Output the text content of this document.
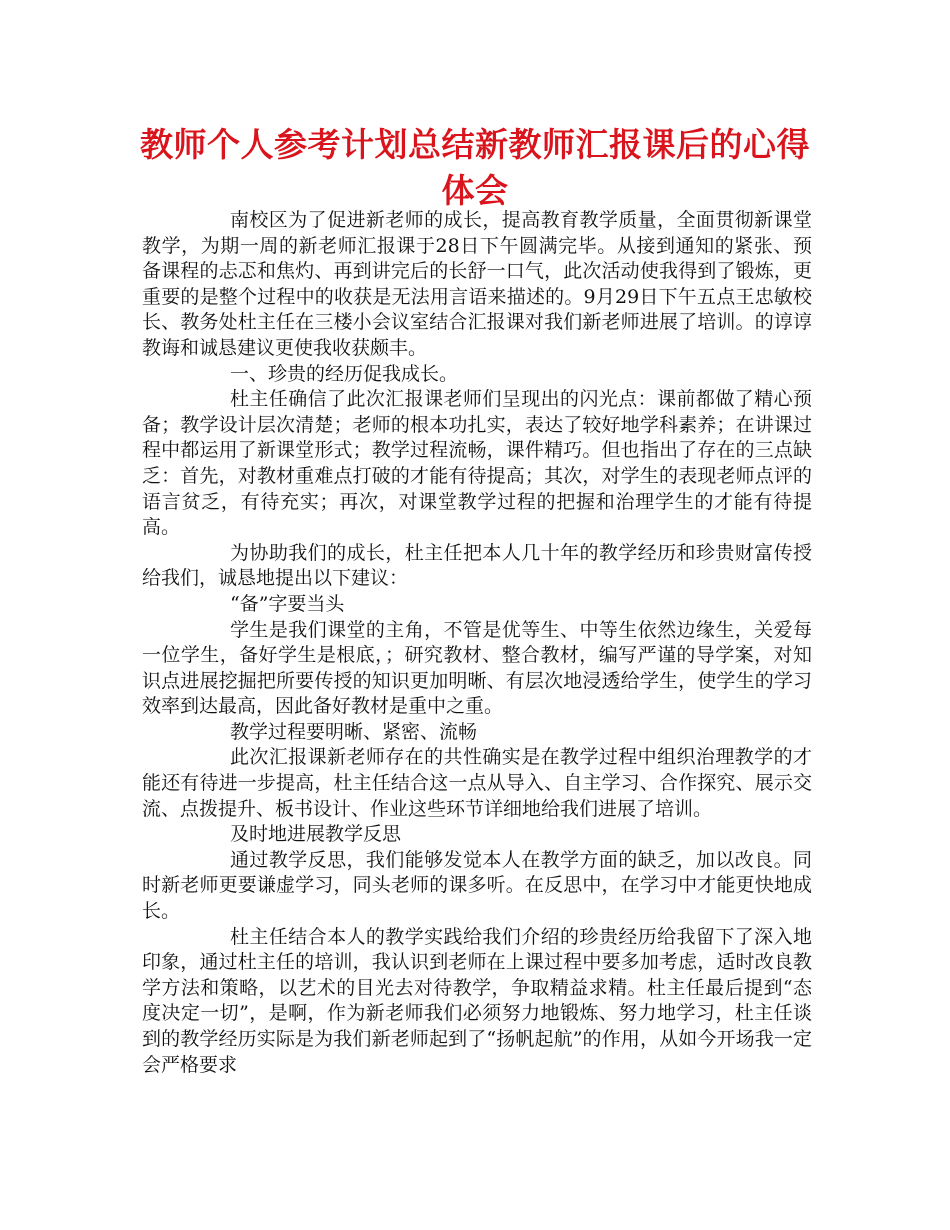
教师个人参考计划总结新教师汇报课后的心得体会

南校区为了促进新老师的成长，提高教育教学质量，全面贯彻新课堂教学，为期一周的新老师汇报课于28日下午圆满完毕。从接到通知的紧张、预备课程的忐忑和焦灼、再到讲完后的长舒一口气，此次活动使我得到了锻炼，更重要的是整个过程中的收获是无法用言语来描述的。9月29日下午五点王忠敏校长、教务处杜主任在三楼小会议室结合汇报课对我们新老师进展了培训。的谆谆教诲和诚恳建议更使我收获颇丰。

一、珍贵的经历促我成长。

杜主任确信了此次汇报课老师们呈现出的闪光点：课前都做了精心预备；教学设计层次清楚；老师的根本功扎实，表达了较好地学科素养；在讲课过程中都运用了新课堂形式；教学过程流畅，课件精巧。但也指出了存在的三点缺乏：首先，对教材重难点打破的才能有待提高；其次，对学生的表现老师点评的语言贫乏，有待充实；再次，对课堂教学过程的把握和治理学生的才能有待提高。

为协助我们的成长，杜主任把本人几十年的教学经历和珍贵财富传授给我们，诚恳地提出以下建议：

“备”字要当头

学生是我们课堂的主角，不管是优等生、中等生依然边缘生，关爱每一位学生，备好学生是根底，；研究教材、整合教材，编写严谨的导学案，对知识点进展挖掘把所要传授的知识更加明晰、有层次地浸透给学生，使学生的学习效率到达最高，因此备好教材是重中之重。

教学过程要明晰、紧密、流畅

此次汇报课新老师存在的共性确实是在教学过程中组织治理教学的才能还有待进一步提高，杜主任结合这一点从导入、自主学习、合作探究、展示交流、点拨提升、板书设计、作业这些环节详细地给我们进展了培训。

及时地进展教学反思

通过教学反思，我们能够发觉本人在教学方面的缺乏，加以改良。同时新老师更要谦虚学习，同头老师的课多听。在反思中，在学习中才能更快地成长。

杜主任结合本人的教学实践给我们介绍的珍贵经历给我留下了深入地印象，通过杜主任的培训，我认识到老师在上课过程中要多加考虑，适时改良教学方法和策略，以艺术的目光去对待教学，争取精益求精。杜主任最后提到“态度决定一切”，是啊，作为新老师我们必须努力地锻炼、努力地学习，杜主任谈到的教学经历实际是为我们新老师起到了“扬帆起航”的作用，从如今开场我一定会严格要求
